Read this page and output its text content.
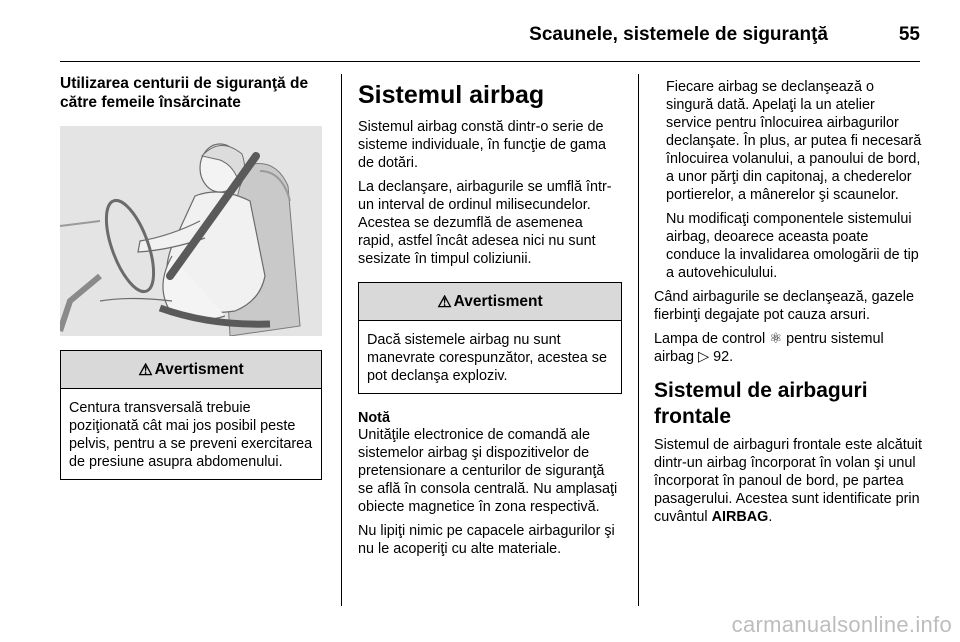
Scaunele, sistemele de siguranţă	55
Utilizarea centurii de siguranţă de către femeile însărcinate
⚠ Avertisment

Centura transversală trebuie poziţionată cât mai jos posibil peste pelvis, pentru a se preveni exercitarea de presiune asupra abdomenului.

Sistemul airbag

Sistemul airbag constă dintr-o serie de sisteme individuale, în funcţie de gama de dotări.

La declanşare, airbagurile se umflă într-un interval de ordinul milisecundelor. Acestea se dezumflă de asemenea rapid, astfel încât adesea nici nu sunt sesizate în timpul coliziunii.

⚠ Avertisment

Dacă sistemele airbag nu sunt manevrate corespunzător, acestea se pot declanşa exploziv.

Notă

Unităţile electronice de comandă ale sistemelor airbag şi dispozitivelor de pretensionare a centurilor de siguranţă se află în consola centrală. Nu amplasaţi obiecte magnetice în zona respectivă.

Nu lipiţi nimic pe capacele airbagurilor şi nu le acoperiţi cu alte materiale.

Fiecare airbag se declanşează o singură dată. Apelaţi la un atelier service pentru înlocuirea airbagurilor declanşate. În plus, ar putea fi necesară înlocuirea volanului, a panoului de bord, a unor părţi din capitonaj, a chederelor portierelor, a mânerelor şi scaunelor.

Nu modificaţi componentele sistemului airbag, deoarece aceasta poate conduce la invalidarea omologării de tip a autovehiculului.

Când airbagurile se declanşează, gazele fierbinţi degajate pot cauza arsuri.

Lampa de control ⚛ pentru sistemul airbag ▷ 92.

Sistemul de airbaguri frontale

Sistemul de airbaguri frontale este alcătuit dintr-un airbag încorporat în volan şi unul încorporat în panoul de bord, pe partea pasagerului. Acestea sunt identificate prin cuvântul AIRBAG.

carmanualsonline.info
